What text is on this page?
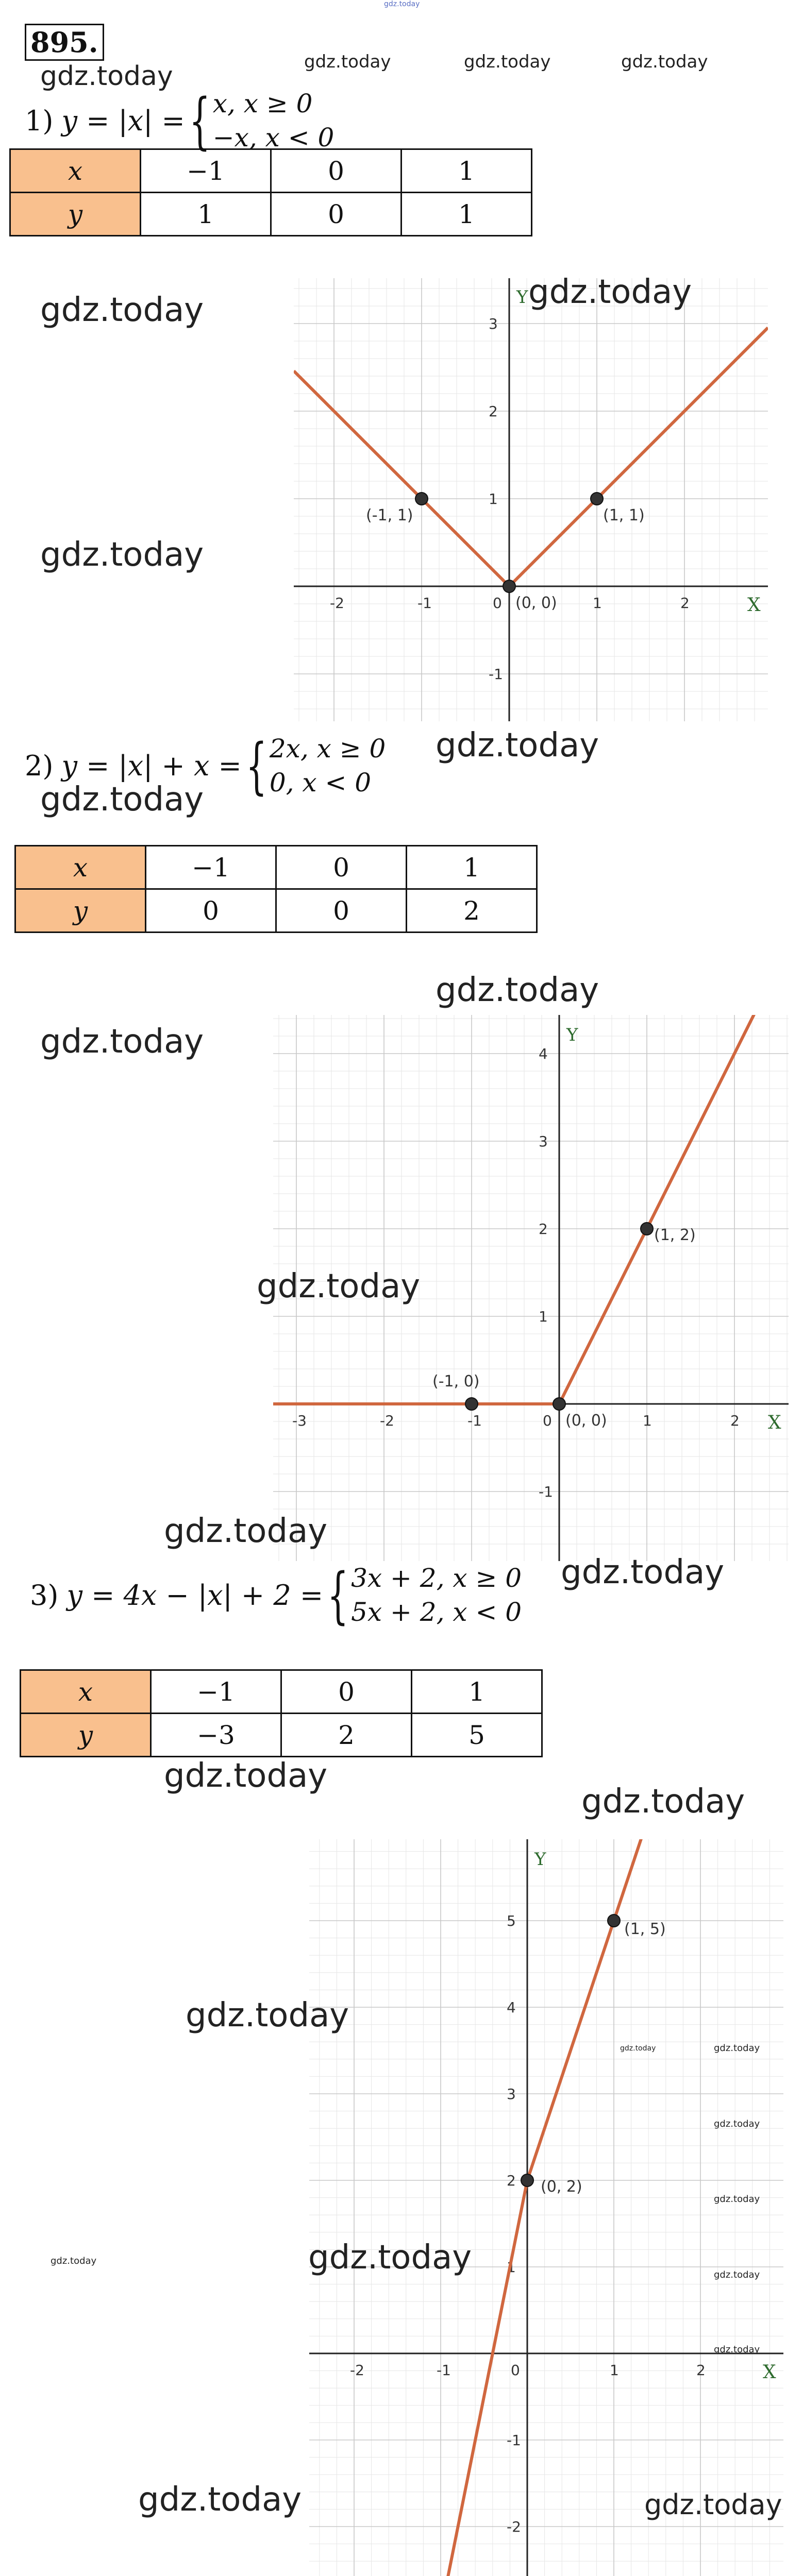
gdz.today
895.
gdz.today	gdz.today	gdz.today
gdz.today
1) y = |x| = { x, x ≥ 0
−x, x < 0
x	−1	0	1
y	1	0	1
-2	-1	0	1	2
-1
1
2
3
X
Y
(-1, 1)
(0, 0)
(1, 1)
gdz.today	gdz.today
gdz.today
gdz.today
2) y = |x| + x = { 2x, x ≥ 0
0, x < 0
gdz.today
x	−1	0	1
y	0	0	2
-3	-2	-1	0	1	2
-1
1
2
3
4
X
Y
(-1, 0)
(0, 0)
(1, 2)
gdz.today
gdz.today
gdz.today
gdz.today
gdz.today
3) y = 4x − |x| + 2 = { 3x + 2, x ≥ 0
5x + 2, x < 0
x	−1	0	1
y	−3	2	5
gdz.today
gdz.today
-2	-1	0	1	2
-2
-1
1
2
3
4
5
X
Y
(0, 2)
(1, 5)
gdz.today
gdz.today
gdz.today	gdz.today
gdz.today
gdz.today	gdz.today
gdz.today
gdz.today
gdz.today
gdz.today
